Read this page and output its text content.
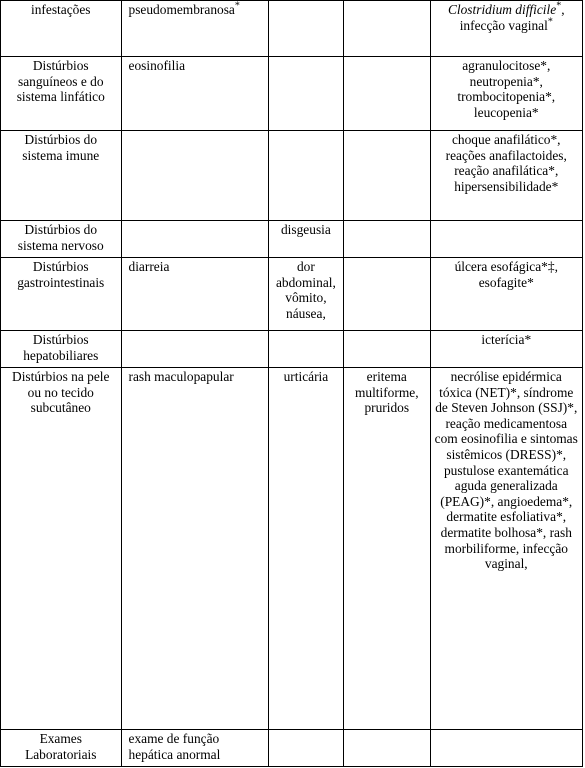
infestações	pseudomembranosa*			Clostridium difficile*, infecção vaginal*
Distúrbios sanguíneos e do sistema linfático	eosinofilia			agranulocitose*, neutropenia*, trombocitopenia*, leucopenia*
Distúrbios do sistema imune				choque anafilático*, reações anafilactoides, reação anafilática*, hipersensibilidade*
Distúrbios do sistema nervoso		disgeusia		
Distúrbios gastrointestinais	diarreia	dor abdominal, vômito, náusea,		úlcera esofágica*‡, esofagite*
Distúrbios hepatobiliares				icterícia*
Distúrbios na pele ou no tecido subcutâneo	rash maculopapular	urticária	eritema multiforme, pruridos	necrólise epidérmica tóxica (NET)*, síndrome de Steven Johnson (SSJ)*, reação medicamentosa com eosinofilia e sintomas sistêmicos (DRESS)*, pustulose exantemática aguda generalizada (PEAG)*, angioedema*, dermatite esfoliativa*, dermatite bolhosa*, rash morbiliforme, infecção vaginal,
Exames Laboratoriais	exame de função hepática anormal			
